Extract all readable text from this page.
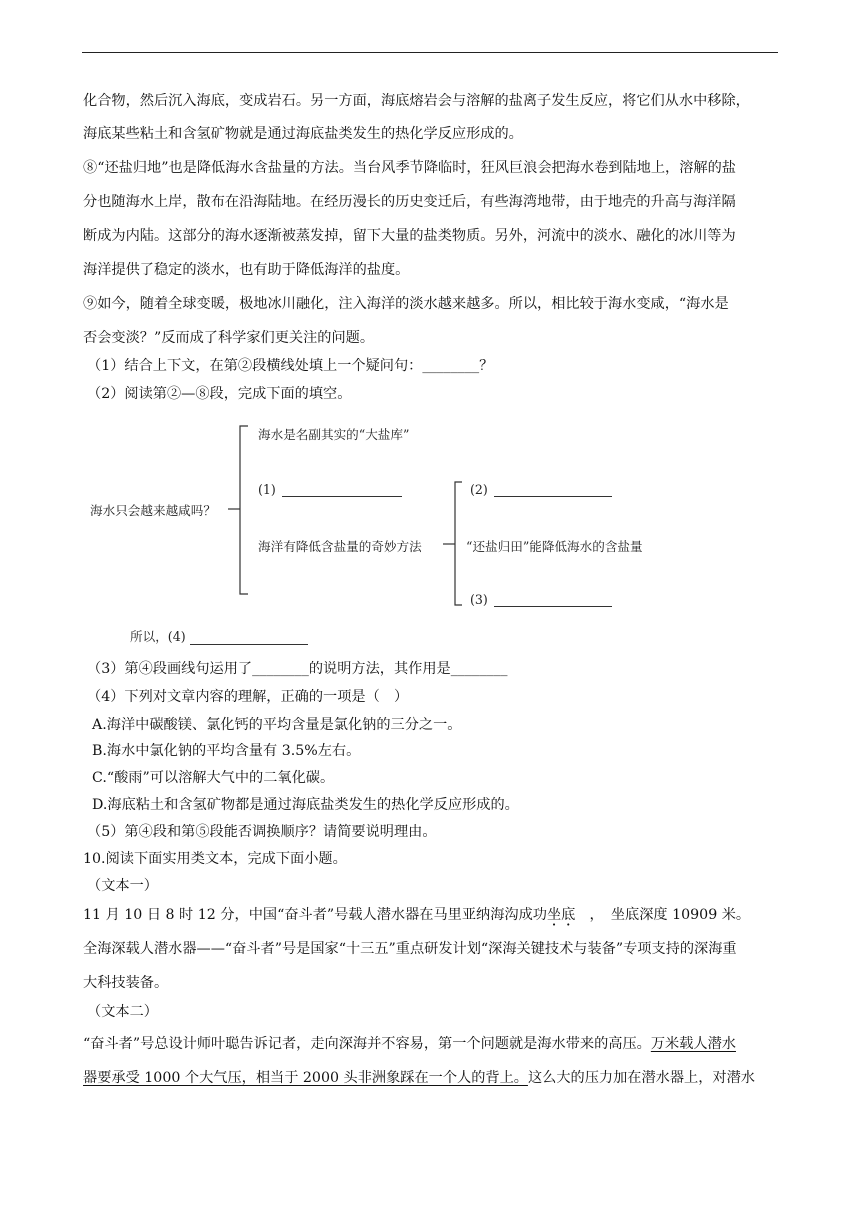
化合物，然后沉入海底，变成岩石。另一方面，海底熔岩会与溶解的盐离子发生反应，将它们从水中移除，
海底某些粘土和含氢矿物就是通过海底盐类发生的热化学反应形成的。
⑧“还盐归地”也是降低海水含盐量的方法。当台风季节降临时，狂风巨浪会把海水卷到陆地上，溶解的盐
分也随海水上岸，散布在沿海陆地。在经历漫长的历史变迁后，有些海湾地带，由于地壳的升高与海洋隔
断成为内陆。这部分的海水逐渐被蒸发掉，留下大量的盐类物质。另外，河流中的淡水、融化的冰川等为
海洋提供了稳定的淡水，也有助于降低海洋的盐度。
⑨如今，随着全球变暖，极地冰川融化，注入海洋的淡水越来越多。所以，相比较于海水变咸，“海水是
否会变淡？”反而成了科学家们更关注的问题。
（1）结合上下文，在第②段横线处填上一个疑问句：________？
（2）阅读第②—⑧段，完成下面的填空。
海水只会越来越咸吗？
海水是名副其实的“大盐库”
(1)
海洋有降低含盐量的奇妙方法
(2)
“还盐归田”能降低海水的含盐量
(3)
所以，(4)
（3）第④段画线句运用了________的说明方法，其作用是________
（4）下列对文章内容的理解，正确的一项是（　）
A.海洋中碳酸镁、氯化钙的平均含量是氯化钠的三分之一。
B.海水中氯化钠的平均含量有 3.5%左右。
C.“酸雨”可以溶解大气中的二氧化碳。
D.海底粘土和含氢矿物都是通过海底盐类发生的热化学反应形成的。
（5）第④段和第⑤段能否调换顺序？请简要说明理由。
10.阅读下面实用类文本，完成下面小题。
（文本一）
11 月 10 日 8 时 12 分，中国“奋斗者”号载人潜水器在马里亚纳海沟成功坐底　，　坐底深度 10909 米。
全海深载人潜水器——“奋斗者”号是国家“十三五”重点研发计划“深海关键技术与装备”专项支持的深海重
大科技装备。
（文本二）
“奋斗者”号总设计师叶聪告诉记者，走向深海并不容易，第一个问题就是海水带来的高压。万米载人潜水
器要承受 1000 个大气压，相当于 2000 头非洲象踩在一个人的背上。这么大的压力加在潜水器上，对潜水
